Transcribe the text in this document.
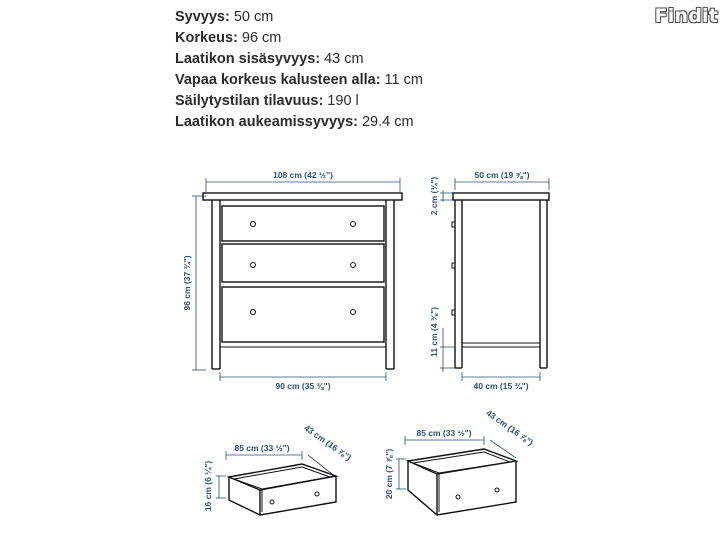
Syvyys: 50 cm
Korkeus: 96 cm
Laatikon sisäsyvyys: 43 cm
Vapaa korkeus kalusteen alla: 11 cm
Säilytystilan tilavuus: 190 l
Laatikon aukeamissyvyys: 29.4 cm
Findit
108 cm (42 ½")
96 cm (37 ¾")
90 cm (35 ⅜")
50 cm (19 ⅝")
2 cm (¾")
11 cm (4 ⅜")
40 cm (15 ¾")
85 cm (33 ½") 43 cm (16 ⅞")
16 cm (6 ¼")
85 cm (33 ½") 43 cm (16 ⅞")
20 cm (7 ⅞")
